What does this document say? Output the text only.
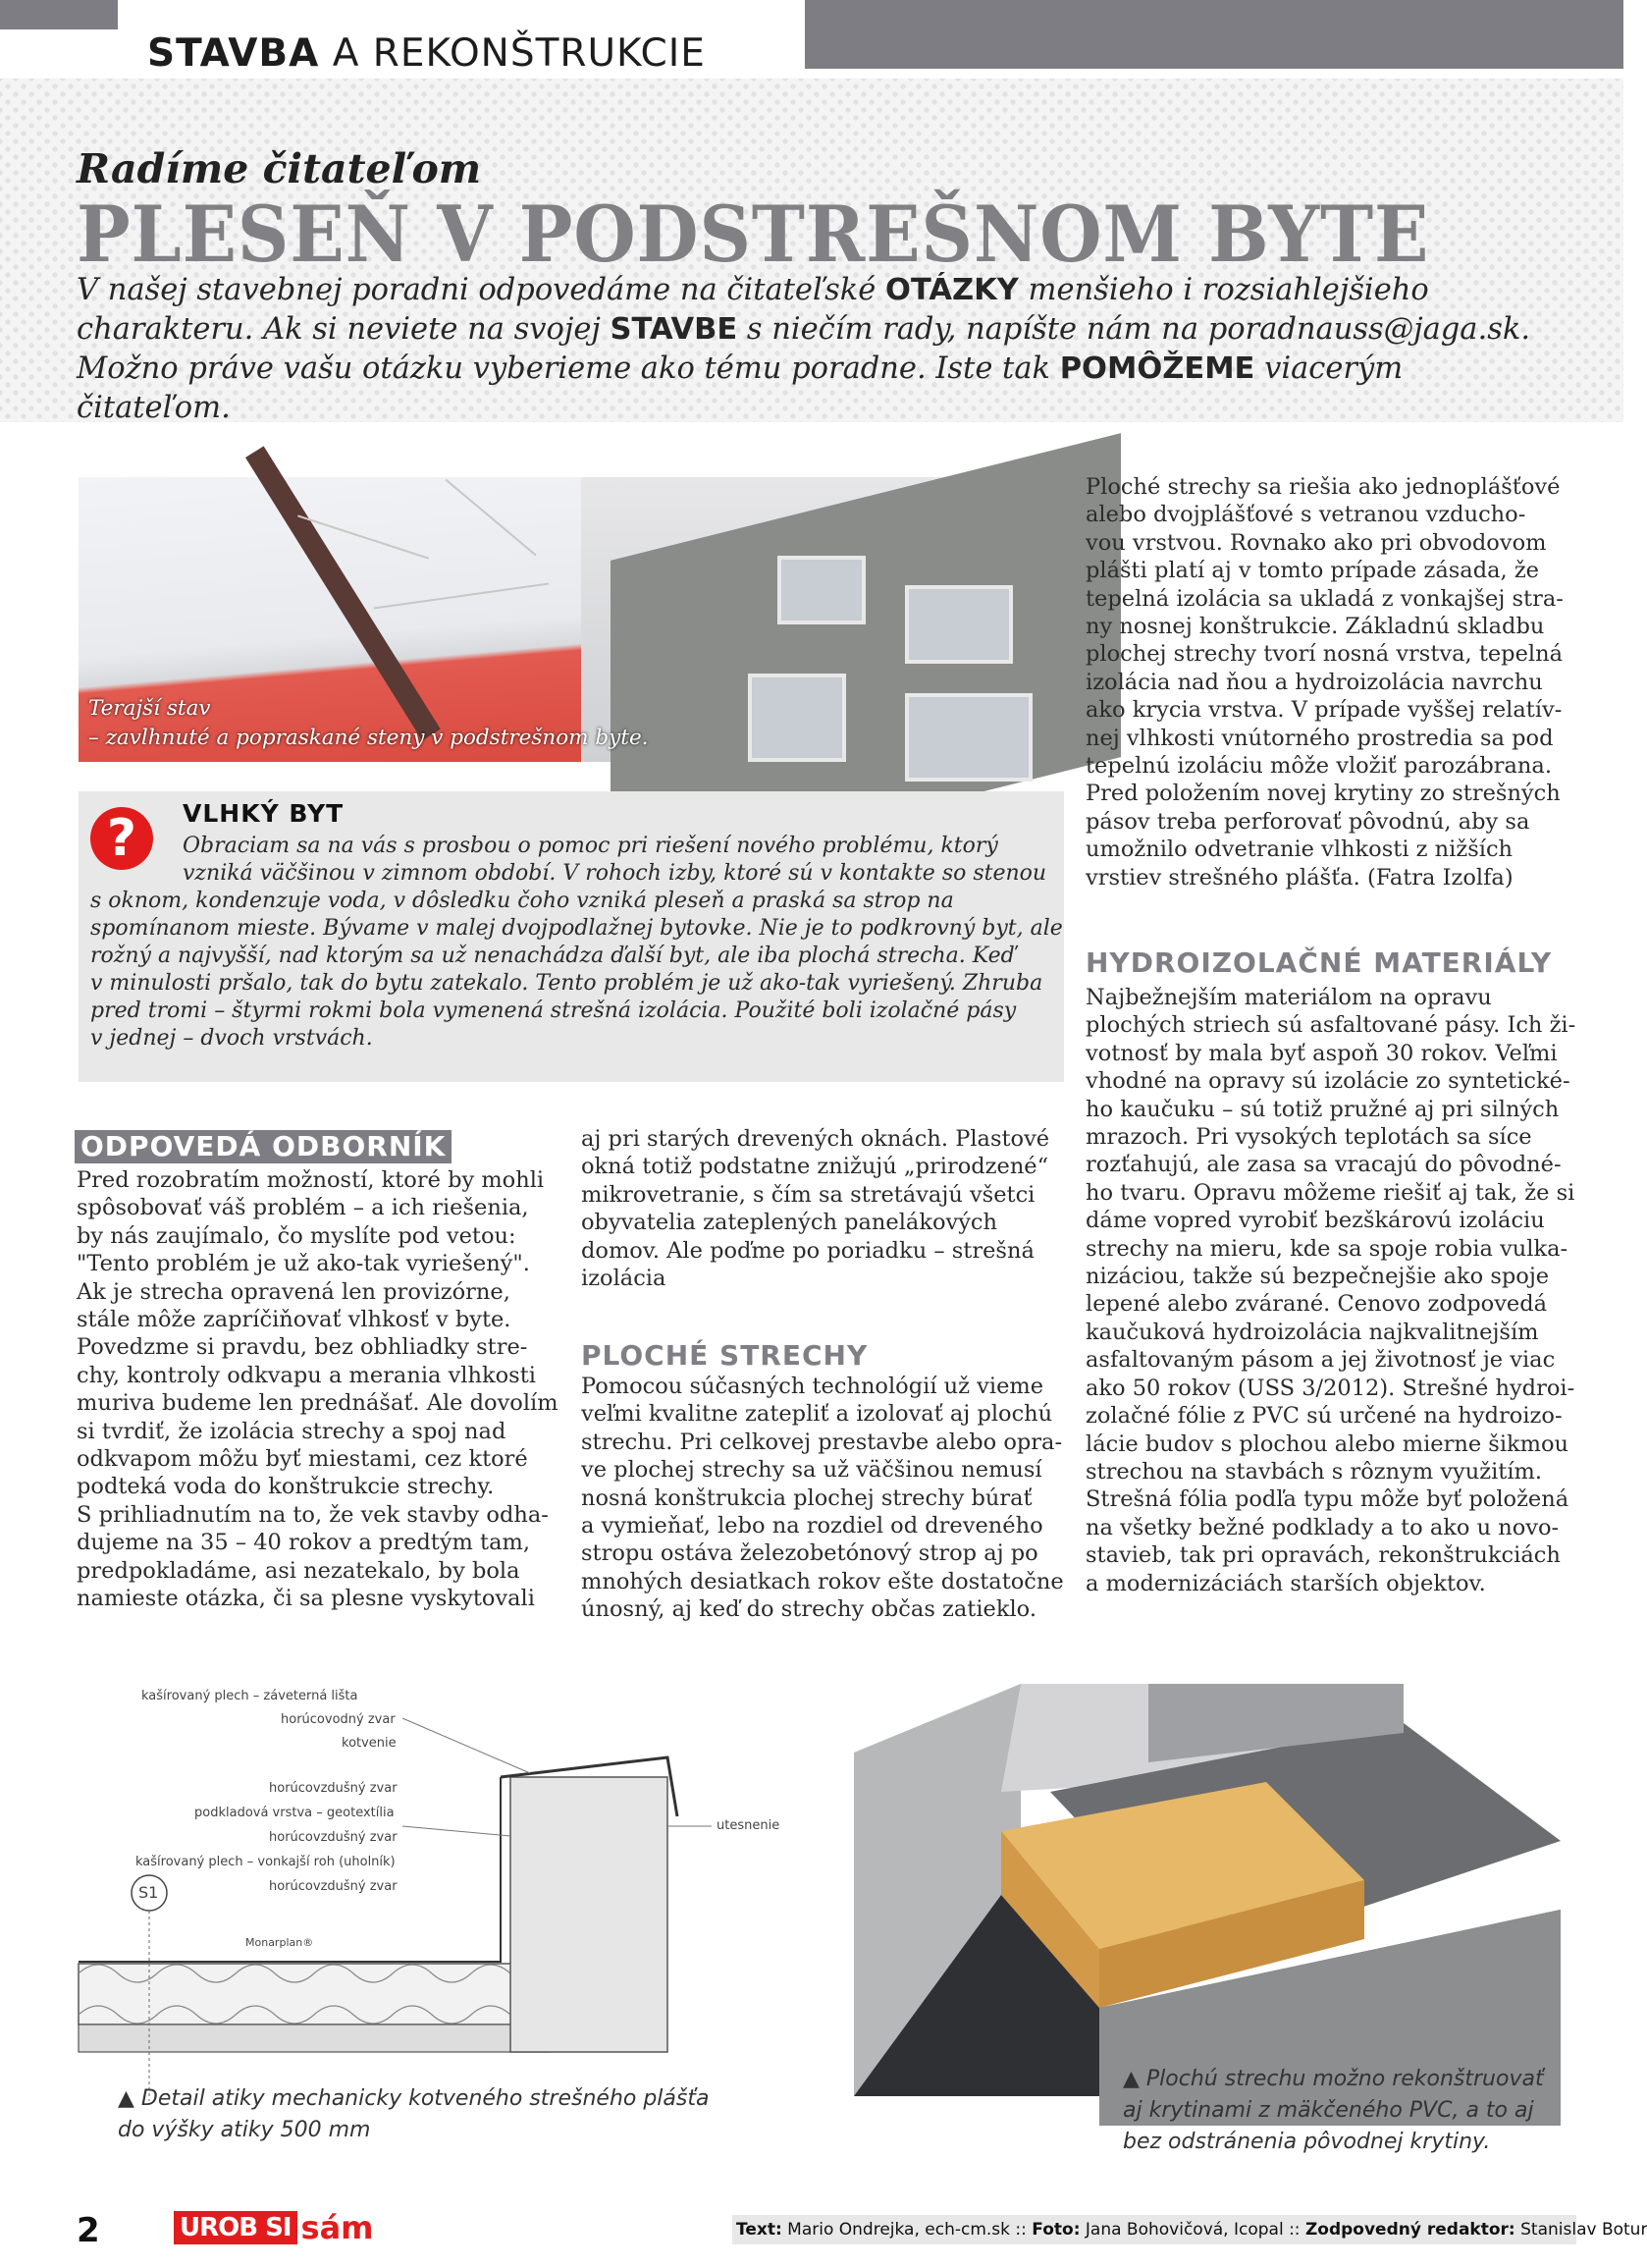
STAVBA A REKONŠTRUKCIE
Radíme čitateľom
PLESEŇ V PODSTREŠNOM BYTE
V našej stavebnej poradni odpovedáme na čitateľské OTÁZKY menšieho i rozsiahlejšieho charakteru. Ak si neviete na svojej STAVBE s niečím rady, napíšte nám na poradnauss@jaga.sk. Možno práve vašu otázku vyberieme ako tému poradne. Iste tak POMÔŽEME viacerým čitateľom.
Terajší stav
– zavlhnuté a popraskané steny v podstrešnom byte.
?	VLHKÝ BYT
Obraciam sa na vás s prosbou o pomoc pri riešení nového problému, ktorý
vzniká väčšinou v zimnom období. V rohoch izby, ktoré sú v kontakte so stenou
s oknom, kondenzuje voda, v dôsledku čoho vzniká pleseň a praská sa strop na
spomínanom mieste. Bývame v malej dvojpodlažnej bytovke. Nie je to podkrovný byt, ale
rožný a najvyšší, nad ktorým sa už nenachádza ďalší byt, ale iba plochá strecha. Keď
v minulosti pršalo, tak do bytu zatekalo. Tento problém je už ako-tak vyriešený. Zhruba
pred tromi – štyrmi rokmi bola vymenená strešná izolácia. Použité boli izolačné pásy
v jednej – dvoch vrstvách.
ODPOVEDÁ ODBORNÍK
Pred rozobratím možností, ktoré by mohli
spôsobovať váš problém – a ich riešenia,
by nás zaujímalo, čo myslíte pod vetou:
"Tento problém je už ako-tak vyriešený".
Ak je strecha opravená len provizórne,
stále môže zapríčiňovať vlhkosť v byte.
Povedzme si pravdu, bez obhliadky stre-
chy, kontroly odkvapu a merania vlhkosti
muriva budeme len prednášať. Ale dovolím
si tvrdiť, že izolácia strechy a spoj nad
odkvapom môžu byť miestami, cez ktoré
podteká voda do konštrukcie strechy.
S prihliadnutím na to, že vek stavby odha-
dujeme na 35 – 40 rokov a predtým tam,
predpokladáme, asi nezatekalo, by bola
namieste otázka, či sa plesne vyskytovali
aj pri starých drevených oknách. Plastové
okná totiž podstatne znižujú „prirodzené“
mikrovetranie, s čím sa stretávajú všetci
obyvatelia zateplených panelákových
domov. Ale poďme po poriadku – strešná
izolácia
PLOCHÉ STRECHY
Pomocou súčasných technológií už vieme
veľmi kvalitne zatepliť a izolovať aj plochú
strechu. Pri celkovej prestavbe alebo opra-
ve plochej strechy sa už väčšinou nemusí
nosná konštrukcia plochej strechy búrať
a vymieňať, lebo na rozdiel od dreveného
stropu ostáva železobetónový strop aj po
mnohých desiatkach rokov ešte dostatočne
únosný, aj keď do strechy občas zatieklo.
Ploché strechy sa riešia ako jednoplášťové
alebo dvojplášťové s vetranou vzducho-
vou vrstvou. Rovnako ako pri obvodovom
plášti platí aj v tomto prípade zásada, že
tepelná izolácia sa ukladá z vonkajšej stra-
ny nosnej konštrukcie. Základnú skladbu
plochej strechy tvorí nosná vrstva, tepelná
izolácia nad ňou a hydroizolácia navrchu
ako krycia vrstva. V prípade vyššej relatív-
nej vlhkosti vnútorného prostredia sa pod
tepelnú izoláciu môže vložiť parozábrana.
Pred položením novej krytiny zo strešných
pásov treba perforovať pôvodnú, aby sa
umožnilo odvetranie vlhkosti z nižších
vrstiev strešného plášťa. (Fatra Izolfa)
HYDROIZOLAČNÉ MATERIÁLY
Najbežnejším materiálom na opravu
plochých striech sú asfaltované pásy. Ich ži-
votnosť by mala byť aspoň 30 rokov. Veľmi
vhodné na opravy sú izolácie zo syntetické-
ho kaučuku – sú totiž pružné aj pri silných
mrazoch. Pri vysokých teplotách sa síce
rozťahujú, ale zasa sa vracajú do pôvodné-
ho tvaru. Opravu môžeme riešiť aj tak, že si
dáme vopred vyrobiť bezškárovú izoláciu
strechy na mieru, kde sa spoje robia vulka-
nizáciou, takže sú bezpečnejšie ako spoje
lepené alebo zvárané. Cenovo zodpovedá
kaučuková hydroizolácia najkvalitnejším
asfaltovaným pásom a jej životnosť je viac
ako 50 rokov (USS 3/2012). Strešné hydroi-
zolačné fólie z PVC sú určené na hydroizo-
lácie budov s plochou alebo mierne šikmou
strechou na stavbách s rôznym využitím.
Strešná fólia podľa typu môže byť položená
na všetky bežné podklady a to ako u novo-
stavieb, tak pri opravách, rekonštrukciách
a modernizáciách starších objektov.
kašírovaný plech – záveterná lišta
horúcovodný zvar
kotvenie
horúcovzdušný zvar
podkladová vrstva – geotextília
horúcovzdušný zvar
kašírovaný plech – vonkajší roh (uholník)
horúcovzdušný zvar
utesnenie
S1
Monarplan®
▲ Detail atiky mechanicky kotveného strešného plášťa
do výšky atiky 500 mm
▲ Plochú strechu možno rekonštruovať
aj krytinami z mäkčeného PVC, a to aj
bez odstránenia pôvodnej krytiny.
2	UROB SI sám	Text: Mario Ondrejka, ech-cm.sk :: Foto: Jana Bohovičová, Icopal :: Zodpovedný redaktor: Stanislav Botur
